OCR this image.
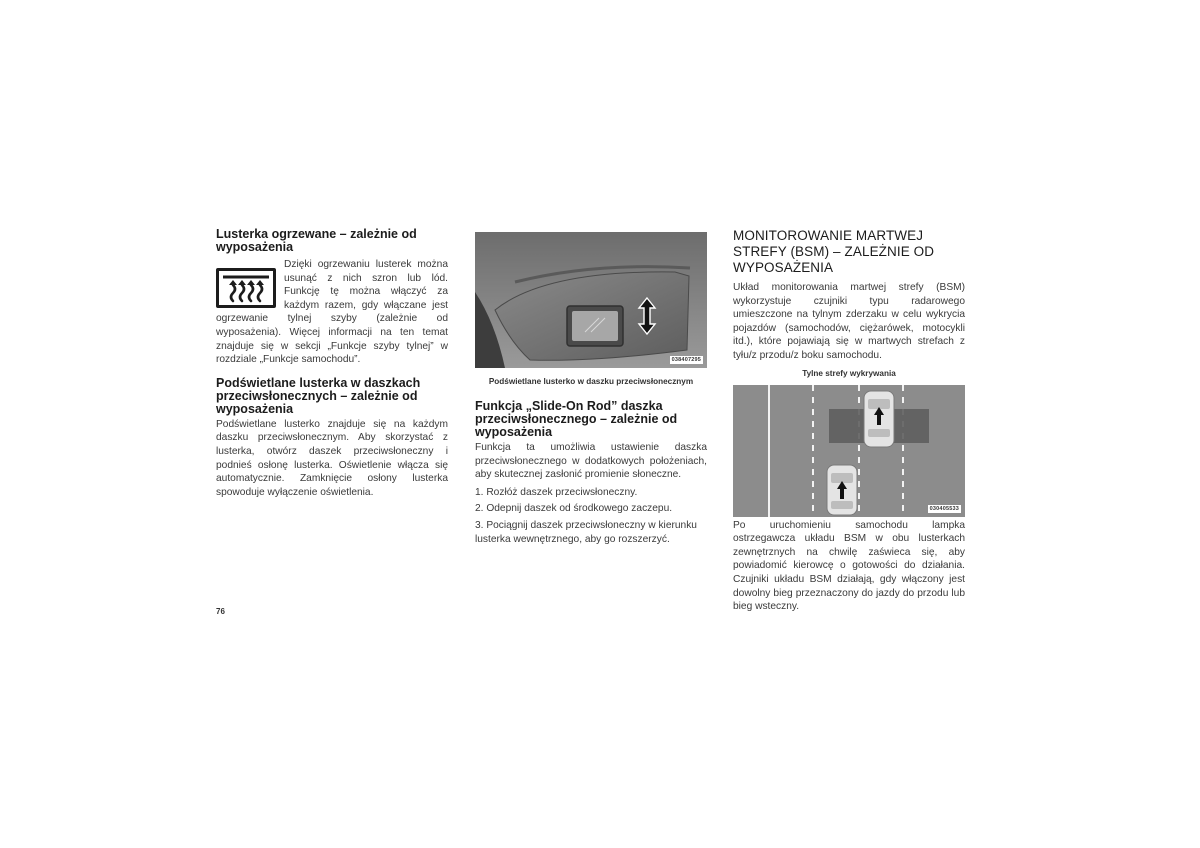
Lusterka ogrzewane – zależnie od wyposażenia

Dzięki ogrzewaniu lusterek można usunąć z nich szron lub lód. Funkcję tę można włączyć za każdym razem, gdy włączane jest ogrzewanie tylnej szyby (zależnie od wyposażenia). Więcej informacji na ten temat znajduje się w sekcji „Funkcje szyby tylnej” w rozdziale „Funkcje samochodu”.

Podświetlane lusterka w daszkach przeciwsłonecznych – zależnie od wyposażenia

Podświetlane lusterko znajduje się na każdym daszku przeciwsłonecznym. Aby skorzystać z lusterka, otwórz daszek przeciwsłoneczny i podnieś osłonę lusterka. Oświetlenie włącza się automatycznie. Zamknięcie osłony lusterka spowoduje wyłączenie oświetlenia.

038407295
Podświetlane lusterko w daszku przeciwsłonecznym
Funkcja „Slide-On Rod” daszka przeciwsłonecznego – zależnie od wyposażenia

Funkcja ta umożliwia ustawienie daszka przeciwsłonecznego w dodatkowych położeniach, aby skutecznej zasłonić promienie słoneczne.

1. Rozłóż daszek przeciwsłoneczny.
2. Odepnij daszek od środkowego zaczepu.
3. Pociągnij daszek przeciwsłoneczny w kierunku lusterka wewnętrznego, aby go rozszerzyć.
MONITOROWANIE MARTWEJ STREFY (BSM) – ZALEŻNIE OD WYPOSAŻENIA

Układ monitorowania martwej strefy (BSM) wykorzystuje czujniki typu radarowego umieszczone na tylnym zderzaku w celu wykrycia pojazdów (samochodów, ciężarówek, motocykli itd.), które pojawiają się w martwych strefach z tyłu/z przodu/z boku samochodu.

Tylne strefy wykrywania
030405533

Po uruchomieniu samochodu lampka ostrzegawcza układu BSM w obu lusterkach zewnętrznych na chwilę zaświeca się, aby powiadomić kierowcę o gotowości do działania. Czujniki układu BSM działają, gdy włączony jest dowolny bieg przeznaczony do jazdy do przodu lub bieg wsteczny.

76
